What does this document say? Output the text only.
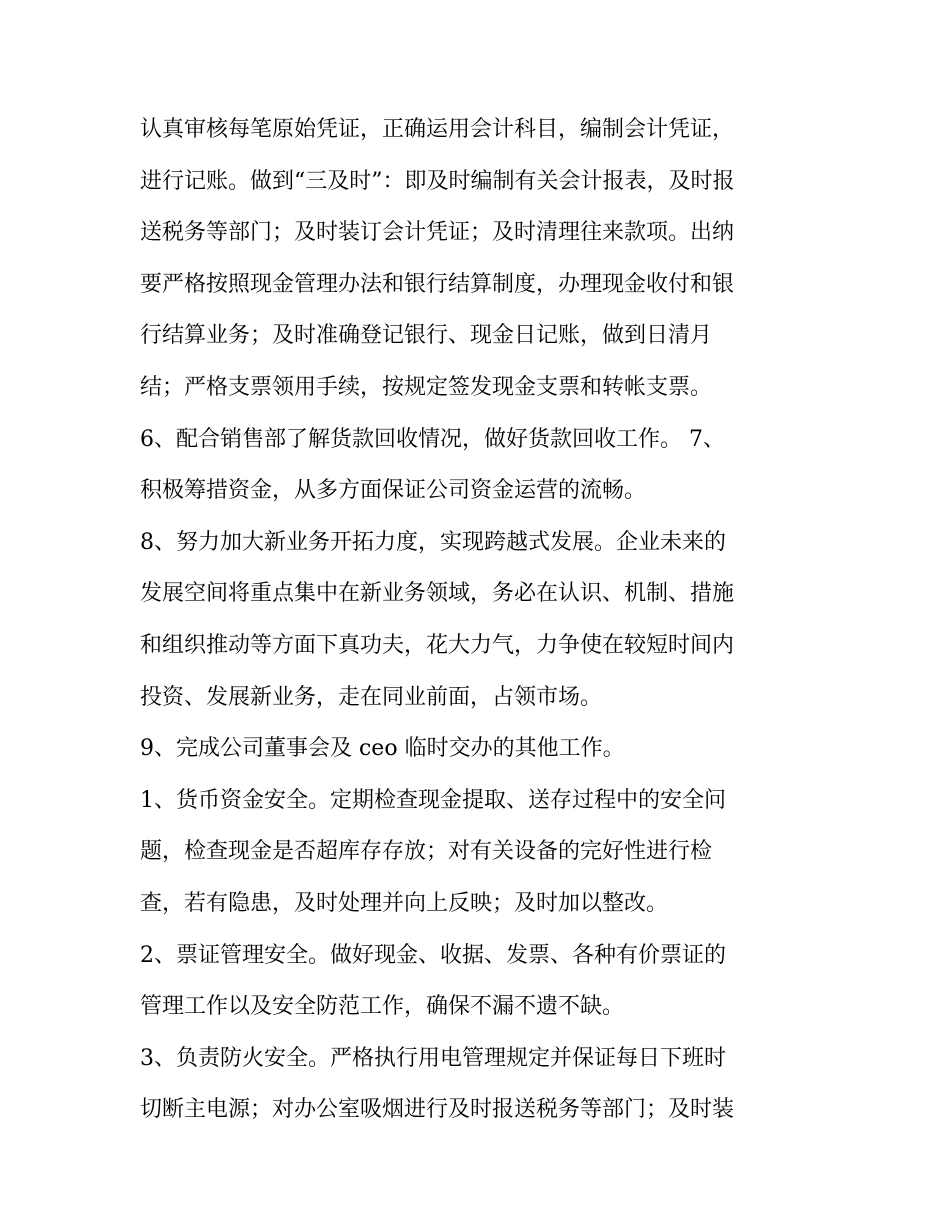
认真审核每笔原始凭证，正确运用会计科目，编制会计凭证，
进行记账。做到“三及时”：即及时编制有关会计报表，及时报
送税务等部门；及时装订会计凭证；及时清理往来款项。出纳
要严格按照现金管理办法和银行结算制度，办理现金收付和银
行结算业务；及时准确登记银行、现金日记账，做到日清月
结；严格支票领用手续，按规定签发现金支票和转帐支票。
6、配合销售部了解货款回收情况，做好货款回收工作。 7、
积极筹措资金，从多方面保证公司资金运营的流畅。
8、努力加大新业务开拓力度，实现跨越式发展。企业未来的
发展空间将重点集中在新业务领域，务必在认识、机制、措施
和组织推动等方面下真功夫，花大力气，力争使在较短时间内
投资、发展新业务，走在同业前面，占领市场。
9、完成公司董事会及 ceo 临时交办的其他工作。
1、货币资金安全。定期检查现金提取、送存过程中的安全问
题，检查现金是否超库存存放；对有关设备的完好性进行检
查，若有隐患，及时处理并向上反映；及时加以整改。
2、票证管理安全。做好现金、收据、发票、各种有价票证的
管理工作以及安全防范工作，确保不漏不遗不缺。
3、负责防火安全。严格执行用电管理规定并保证每日下班时
切断主电源；对办公室吸烟进行及时报送税务等部门；及时装
